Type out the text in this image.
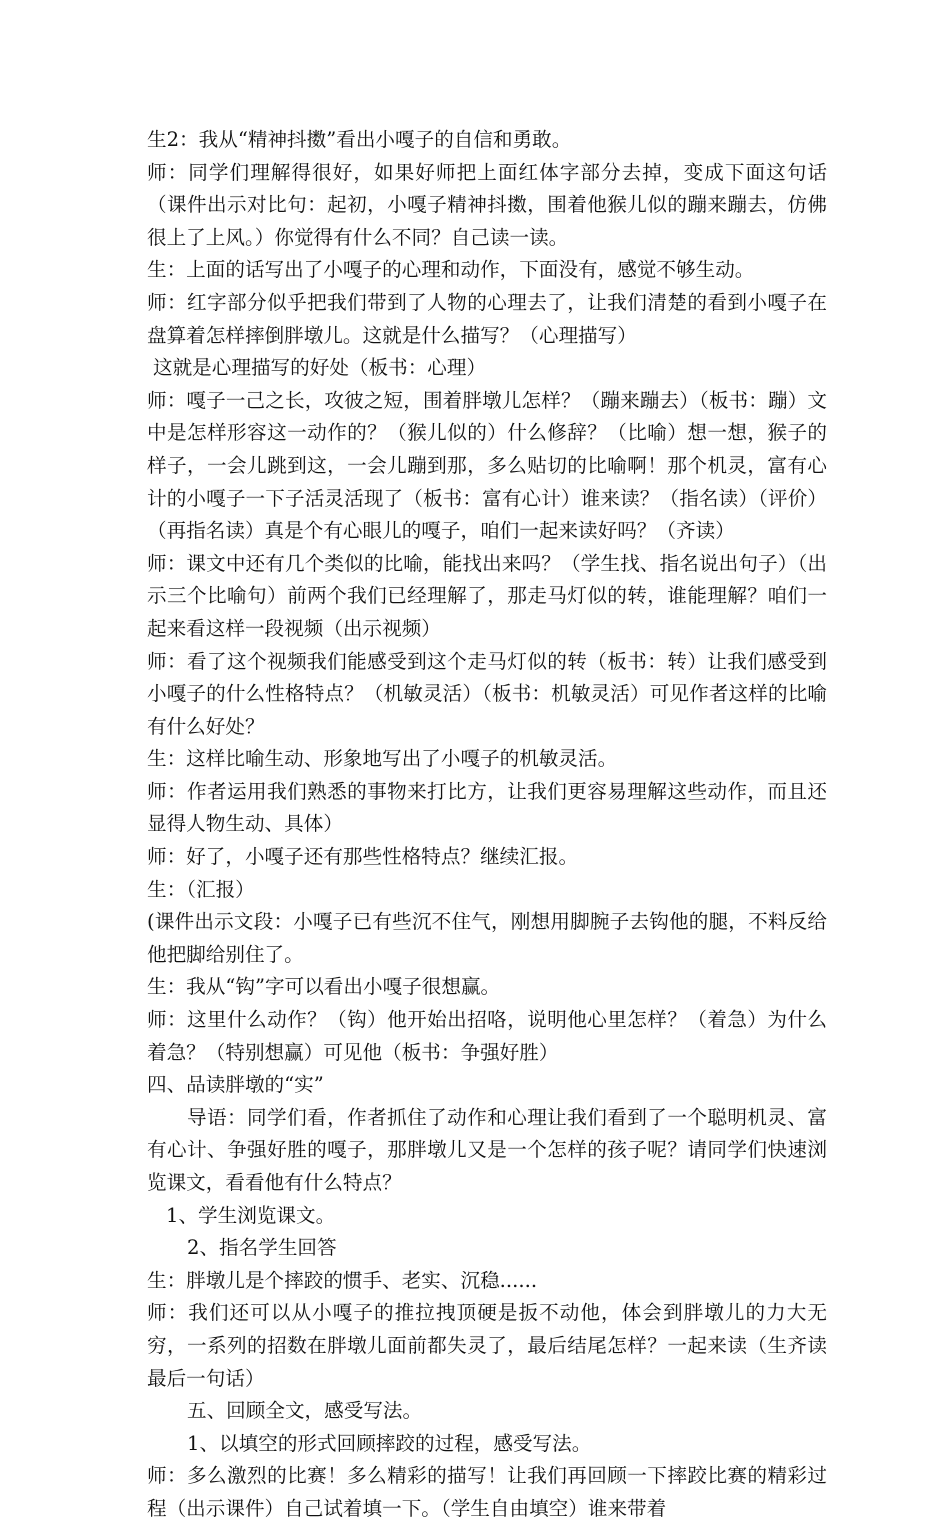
生2：我从“精神抖擞”看出小嘎子的自信和勇敢。

师：同学们理解得很好，如果好师把上面红体字部分去掉，变成下面这句话（课件出示对比句：起初，小嘎子精神抖擞，围着他猴儿似的蹦来蹦去，仿佛很上了上风。）你觉得有什么不同？自己读一读。

生：上面的话写出了小嘎子的心理和动作，下面没有，感觉不够生动。

师：红字部分似乎把我们带到了人物的心理去了，让我们清楚的看到小嘎子在盘算着怎样摔倒胖墩儿。这就是什么描写？（心理描写）

这就是心理描写的好处（板书：心理）

师：嘎子一己之长，攻彼之短，围着胖墩儿怎样？（蹦来蹦去）（板书：蹦）文中是怎样形容这一动作的？（猴儿似的）什么修辞？（比喻）想一想，猴子的样子，一会儿跳到这，一会儿蹦到那，多么贴切的比喻啊！那个机灵，富有心计的小嘎子一下子活灵活现了（板书：富有心计）谁来读？（指名读）（评价）（再指名读）真是个有心眼儿的嘎子，咱们一起来读好吗？（齐读）

师：课文中还有几个类似的比喻，能找出来吗？（学生找、指名说出句子）（出示三个比喻句）前两个我们已经理解了，那走马灯似的转，谁能理解？咱们一起来看这样一段视频（出示视频）

师：看了这个视频我们能感受到这个走马灯似的转（板书：转）让我们感受到小嘎子的什么性格特点？（机敏灵活）（板书：机敏灵活）可见作者这样的比喻有什么好处？

生：这样比喻生动、形象地写出了小嘎子的机敏灵活。

师：作者运用我们熟悉的事物来打比方，让我们更容易理解这些动作，而且还显得人物生动、具体）

师：好了，小嘎子还有那些性格特点？继续汇报。

生：（汇报）

(课件出示文段：小嘎子已有些沉不住气，刚想用脚腕子去钩他的腿，不料反给他把脚给别住了。

生：我从“钩”字可以看出小嘎子很想赢。

师：这里什么动作？（钩）他开始出招咯，说明他心里怎样？（着急）为什么着急？（特别想赢）可见他（板书：争强好胜）

四、品读胖墩的“实”

导语：同学们看，作者抓住了动作和心理让我们看到了一个聪明机灵、富有心计、争强好胜的嘎子，那胖墩儿又是一个怎样的孩子呢？请同学们快速浏览课文，看看他有什么特点？

1、学生浏览课文。

2、指名学生回答

生：胖墩儿是个摔跤的惯手、老实、沉稳......

师：我们还可以从小嘎子的推拉拽顶硬是扳不动他，体会到胖墩儿的力大无穷，一系列的招数在胖墩儿面前都失灵了，最后结尾怎样？一起来读（生齐读最后一句话）

五、回顾全文，感受写法。

1、以填空的形式回顾摔跤的过程，感受写法。

师：多么激烈的比赛！多么精彩的描写！让我们再回顾一下摔跤比赛的精彩过程（出示课件）自己试着填一下。（学生自由填空）谁来带着
